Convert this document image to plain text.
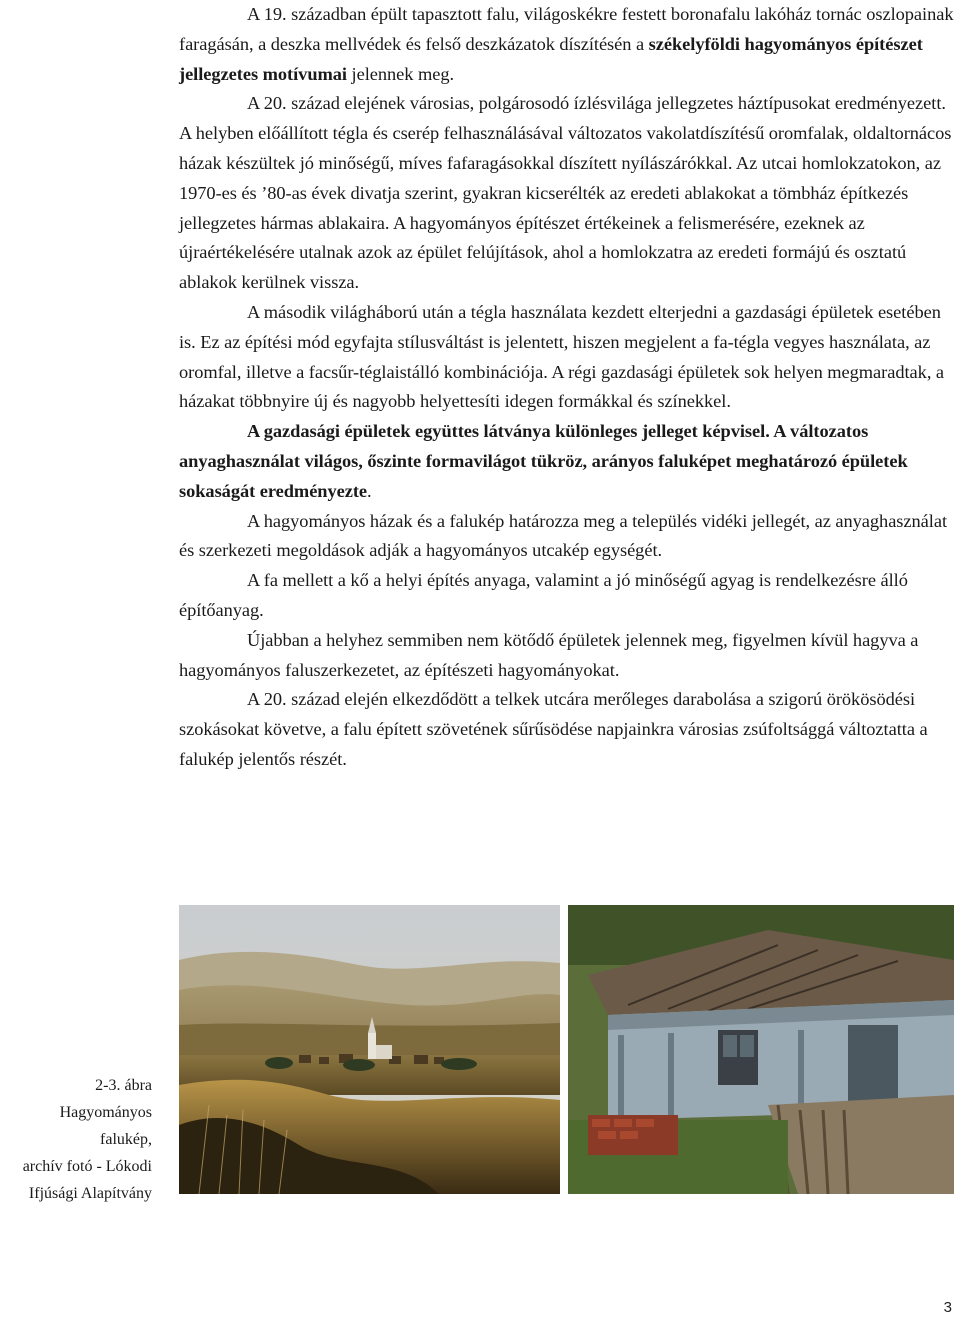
A 19. században épült tapasztott falu, világoskékre festett boronafalu lakóház tornác oszlopainak faragásán, a deszka mellvédek és felső deszkázatok díszítésén a székelyföldi hagyományos építészet jellegzetes motívumai jelennek meg.

A 20. század elejének városias, polgárosodó ízlésvilága jellegzetes háztípusokat eredményezett. A helyben előállított tégla és cserép felhasználásával változatos vakolatdíszítésű oromfalak, oldaltornácos házak készültek jó minőségű, míves fafaragásokkal díszített nyílászárókkal. Az utcai homlokzatokon, az 1970-es és ’80-as évek divatja szerint, gyakran kicserélték az eredeti ablakokat a tömbház építkezés jellegzetes hármas ablakaira. A hagyományos építészet értékeinek a felismerésére, ezeknek az újraértékelésére utalnak azok az épület felújítások, ahol a homlokzatra az eredeti formájú és osztatú ablakok kerülnek vissza.

A második világháború után a tégla használata kezdett elterjedni a gazdasági épületek esetében is. Ez az építési mód egyfajta stílusváltást is jelentett, hiszen megjelent a fa-tégla vegyes használata, az oromfal, illetve a facsűr-téglaistálló kombinációja. A régi gazdasági épületek sok helyen megmaradtak, a házakat többnyire új és nagyobb helyettesíti idegen formákkal és színekkel.

A gazdasági épületek együttes látványa különleges jelleget képvisel. A változatos anyaghasználat világos, őszinte formavilágot tükröz, arányos faluképet meghatározó épületek sokaságát eredményezte.

A hagyományos házak és a falukép határozza meg a település vidéki jellegét, az anyaghasználat és szerkezeti megoldások adják a hagyományos utcakép egységét.

A fa mellett a kő a helyi építés anyaga, valamint a jó minőségű agyag is rendelkezésre álló építőanyag.

Újabban a helyhez semmiben nem kötődő épületek jelennek meg, figyelmen kívül hagyva a hagyományos faluszerkezetet, az építészeti hagyományokat.

A 20. század elején elkezdődött a telkek utcára merőleges darabolása a szigorú örökösödési szokásokat követve, a falu épített szövetének sűrűsödése napjainkra városias zsúfoltsággá változtatta a falukép jelentős részét.

2-3. ábra
Hagyományos
falukép,
archív fotó - Lókodi
Ifjúsági Alapítvány
3
